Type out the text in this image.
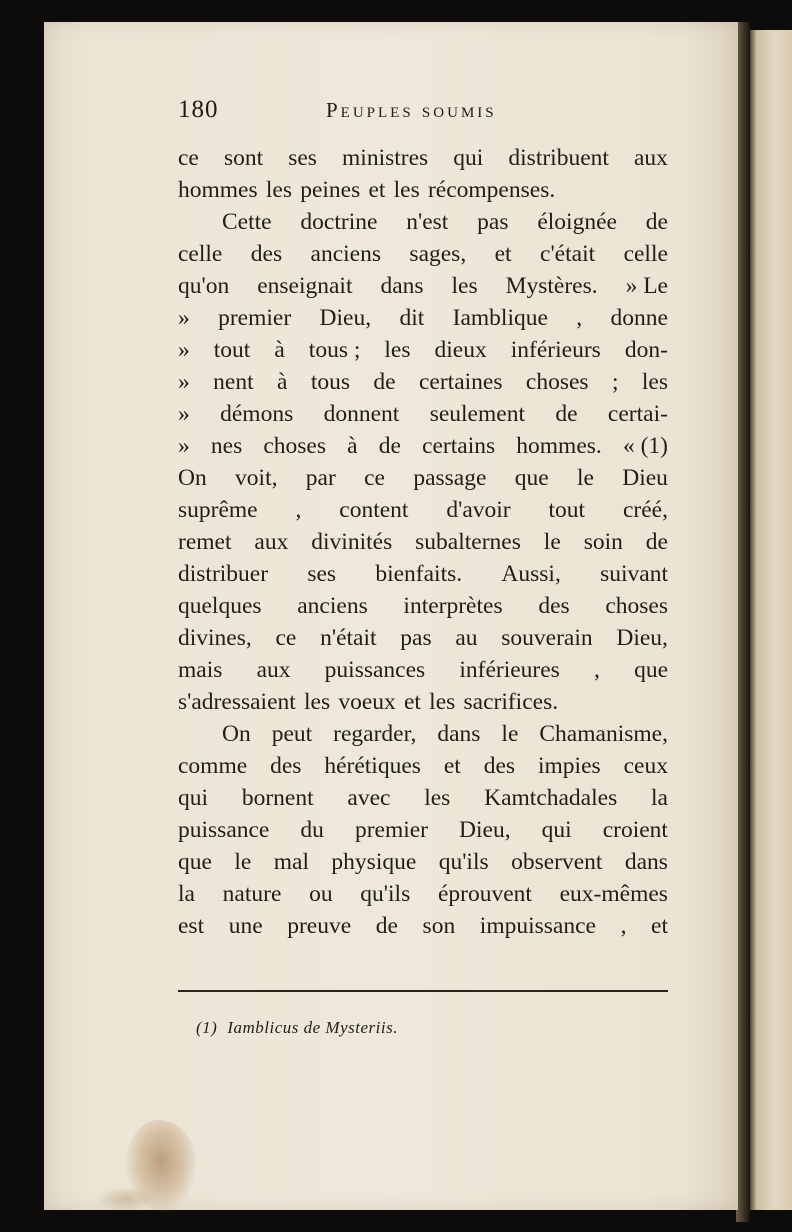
180	Peuples soumis
ce sont ses ministres qui distribuent aux
hommes les peines et les récompenses.
Cette doctrine n'est pas éloignée de
celle des anciens sages, et c'était celle
qu'on enseignait dans les Mystères. » Le
» premier Dieu, dit Iamblique , donne
» tout à tous ; les dieux inférieurs don-
» nent à tous de certaines choses ; les
» démons donnent seulement de certai-
» nes choses à de certains hommes. « (1)
On voit, par ce passage que le Dieu
suprême , content d'avoir tout créé,
remet aux divinités subalternes le soin de
distribuer ses bienfaits. Aussi, suivant
quelques anciens interprètes des choses
divines, ce n'était pas au souverain Dieu,
mais aux puissances inférieures , que
s'adressaient les voeux et les sacrifices.
On peut regarder, dans le Chamanisme,
comme des hérétiques et des impies ceux
qui bornent avec les Kamtchadales la
puissance du premier Dieu, qui croient
que le mal physique qu'ils observent dans
la nature ou qu'ils éprouvent eux-mêmes
est une preuve de son impuissance , et
(1) Iamblicus de Mysteriis.
